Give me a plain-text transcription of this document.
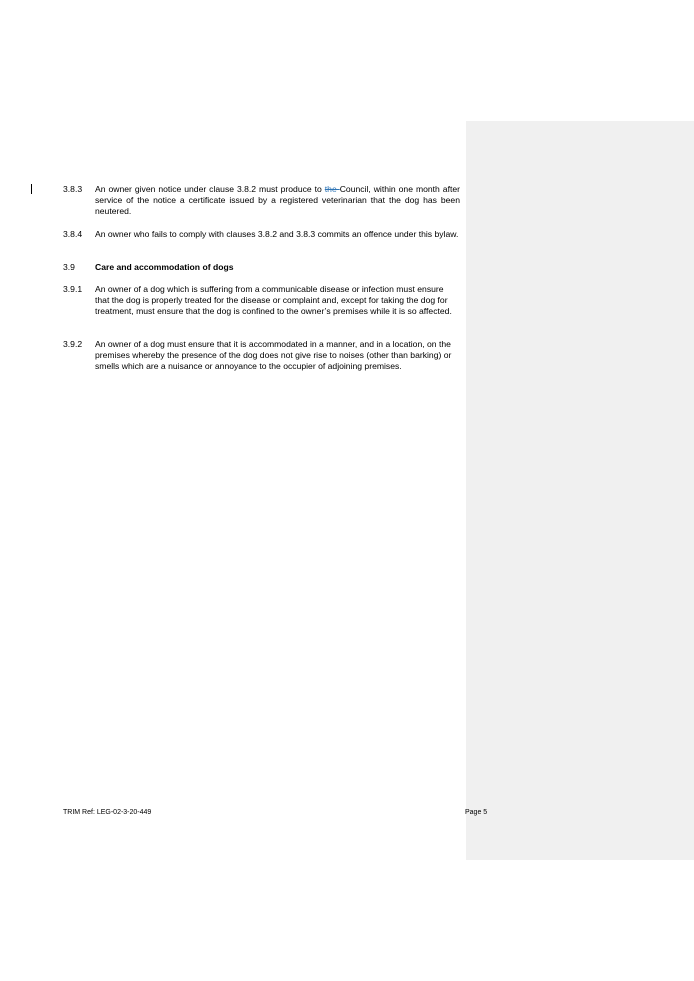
3.8.3	An owner given notice under clause 3.8.2 must produce to the Council, within one month after service of the notice a certificate issued by a registered veterinarian that the dog has been neutered.
3.8.4	An owner who fails to comply with clauses 3.8.2 and 3.8.3 commits an offence under this bylaw.
3.9	Care and accommodation of dogs
3.9.1	An owner of a dog which is suffering from a communicable disease or infection must ensure that the dog is properly treated for the disease or complaint and, except for taking the dog for treatment, must ensure that the dog is confined to the owner’s premises while it is so affected.
3.9.2	An owner of a dog must ensure that it is accommodated in a manner, and in a location, on the premises whereby the presence of the dog does not give rise to noises (other than barking) or smells which are a nuisance or annoyance to the occupier of adjoining premises.
TRIM Ref: LEG-02-3-20-449	Page 5
